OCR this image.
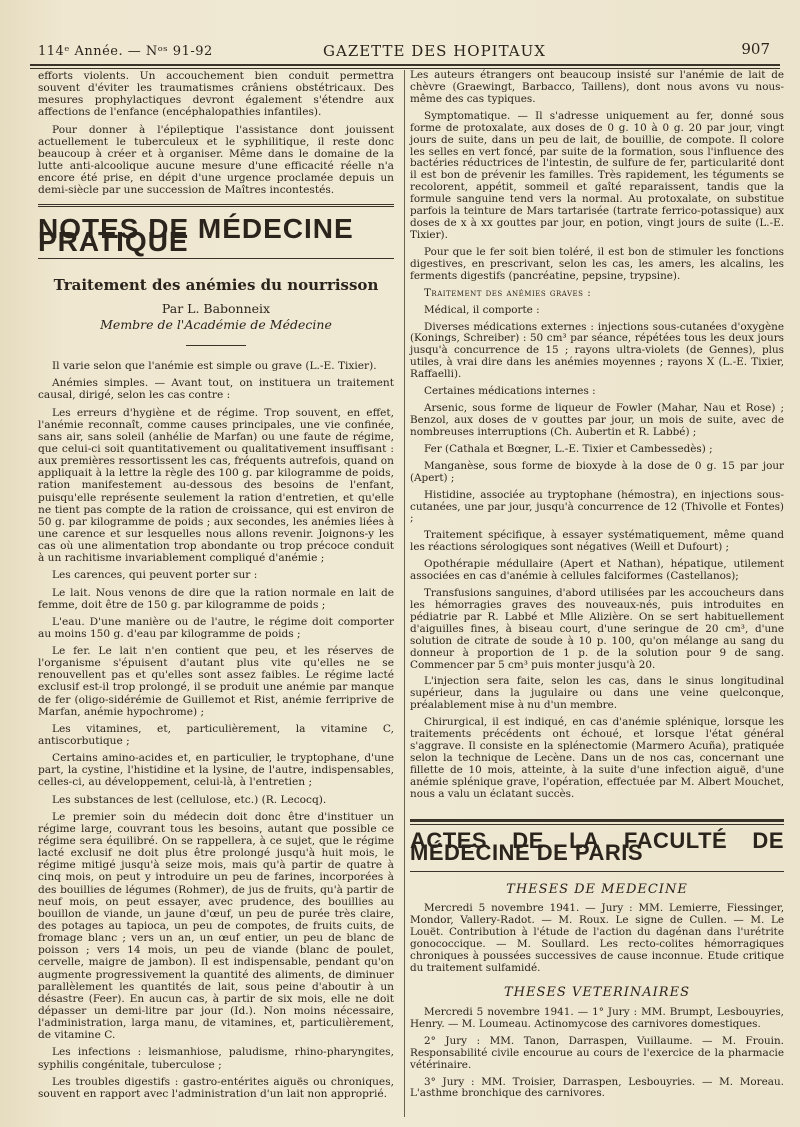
114ᵉ Année. — Nᵒˢ 91-92	GAZETTE DES HOPITAUX	907

efforts violents. Un accouchement bien conduit permettra souvent d'éviter les traumatismes crâniens obstétricaux. Des mesures prophylactiques devront également s'étendre aux affections de l'enfance (encéphalopathies infantiles).

Pour donner à l'épileptique l'assistance dont jouissent actuellement le tuberculeux et le syphilitique, il reste donc beaucoup à créer et à organiser. Même dans le domaine de la lutte anti-alcoolique aucune mesure d'une efficacité réelle n'a encore été prise, en dépit d'une urgence proclamée depuis un demi-siècle par une succession de Maîtres incontestés.

NOTES DE MÉDECINE PRATIQUE
Traitement des anémies du nourrisson
Par L. Babonneix
Membre de l'Académie de Médecine

Il varie selon que l'anémie est simple ou grave (L.-E. Tixier).

Anémies simples. — Avant tout, on instituera un traitement causal, dirigé, selon les cas contre :

Les erreurs d'hygiène et de régime. Trop souvent, en effet, l'anémie reconnaît, comme causes principales, une vie confinée, sans air, sans soleil (anhélie de Marfan) ou une faute de régime, que celui-ci soit quantitativement ou qualitativement insuffisant : aux premières ressortissent les cas, fréquents autrefois, quand on appliquait à la lettre la règle des 100 g. par kilogramme de poids, ration manifestement au-dessous des besoins de l'enfant, puisqu'elle représente seulement la ration d'entretien, et qu'elle ne tient pas compte de la ration de croissance, qui est environ de 50 g. par kilogramme de poids ; aux secondes, les anémies liées à une carence et sur lesquelles nous allons revenir. Joignons-y les cas où une alimentation trop abondante ou trop précoce conduit à un rachitisme invariablement compliqué d'anémie ;

Les carences, qui peuvent porter sur :

Le lait. Nous venons de dire que la ration normale en lait de femme, doit être de 150 g. par kilogramme de poids ;

L'eau. D'une manière ou de l'autre, le régime doit comporter au moins 150 g. d'eau par kilogramme de poids ;

Le fer. Le lait n'en contient que peu, et les réserves de l'organisme s'épuisent d'autant plus vite qu'elles ne se renouvellent pas et qu'elles sont assez faibles. Le régime lacté exclusif est-il trop prolongé, il se produit une anémie par manque de fer (oligo-sidérémie de Guillemot et Rist, anémie ferriprive de Marfan, anémie hypochrome) ;

Les vitamines, et, particulièrement, la vitamine C, antiscorbutique ;

Certains amino-acides et, en particulier, le tryptophane, d'une part, la cystine, l'histidine et la lysine, de l'autre, indispensables, celles-ci, au développement, celui-là, à l'entretien ;

Les substances de lest (cellulose, etc.) (R. Lecocq).

Le premier soin du médecin doit donc être d'instituer un régime large, couvrant tous les besoins, autant que possible ce régime sera équilibré. On se rappellera, à ce sujet, que le régime lacté exclusif ne doit plus être prolongé jusqu'à huit mois, le régime mitigé jusqu'à seize mois, mais qu'à partir de quatre à cinq mois, on peut y introduire un peu de farines, incorporées à des bouillies de légumes (Rohmer), de jus de fruits, qu'à partir de neuf mois, on peut essayer, avec prudence, des bouillies au bouillon de viande, un jaune d'œuf, un peu de purée très claire, des potages au tapioca, un peu de compotes, de fruits cuits, de fromage blanc ; vers un an, un œuf entier, un peu de blanc de poisson ; vers 14 mois, un peu de viande (blanc de poulet, cervelle, maigre de jambon). Il est indispensable, pendant qu'on augmente progressivement la quantité des aliments, de diminuer parallèlement les quantités de lait, sous peine d'aboutir à un désastre (Feer). En aucun cas, à partir de six mois, elle ne doit dépasser un demi-litre par jour (Id.). Non moins nécessaire, l'administration, larga manu, de vitamines, et, particulièrement, de vitamine C.

Les infections : leismanhiose, paludisme, rhino-pharyngites, syphilis congénitale, tuberculose ;

Les troubles digestifs : gastro-entérites aiguës ou chroniques, souvent en rapport avec l'administration d'un lait non approprié.

Les auteurs étrangers ont beaucoup insisté sur l'anémie de lait de chèvre (Graewingt, Barbacco, Taillens), dont nous avons vu nous-même des cas typiques.

Symptomatique. — Il s'adresse uniquement au fer, donné sous forme de protoxalate, aux doses de 0 g. 10 à 0 g. 20 par jour, vingt jours de suite, dans un peu de lait, de bouillie, de compote. Il colore les selles en vert foncé, par suite de la formation, sous l'influence des bactéries réductrices de l'intestin, de sulfure de fer, particularité dont il est bon de prévenir les familles. Très rapidement, les téguments se recolorent, appétit, sommeil et gaîté reparaissent, tandis que la formule sanguine tend vers la normal. Au protoxalate, on substitue parfois la teinture de Mars tartarisée (tartrate ferrico-potassique) aux doses de x à xx gouttes par jour, en potion, vingt jours de suite (L.-E. Tixier).

Pour que le fer soit bien toléré, il est bon de stimuler les fonctions digestives, en prescrivant, selon les cas, les amers, les alcalins, les ferments digestifs (pancréatine, pepsine, trypsine).

Traitement des anémies graves :

Médical, il comporte :

Diverses médications externes : injections sous-cutanées d'oxygène (Konings, Schreiber) : 50 cm³ par séance, répétées tous les deux jours jusqu'à concurrence de 15 ; rayons ultra-violets (de Gennes), plus utiles, à vrai dire dans les anémies moyennes ; rayons X (L.-E. Tixier, Raffaelli).

Certaines médications internes :

Arsenic, sous forme de liqueur de Fowler (Mahar, Nau et Rose) ; Benzol, aux doses de v gouttes par jour, un mois de suite, avec de nombreuses interruptions (Ch. Aubertin et R. Labbé) ;

Fer (Cathala et Bœgner, L.-E. Tixier et Cambessedès) ;

Manganèse, sous forme de bioxyde à la dose de 0 g. 15 par jour (Apert) ;

Histidine, associée au tryptophane (hémostra), en injections sous-cutanées, une par jour, jusqu'à concurrence de 12 (Thivolle et Fontes) ;

Traitement spécifique, à essayer systématiquement, même quand les réactions sérologiques sont négatives (Weill et Dufourt) ;

Opothérapie médullaire (Apert et Nathan), hépatique, utilement associées en cas d'anémie à cellules falciformes (Castellanos);

Transfusions sanguines, d'abord utilisées par les accoucheurs dans les hémorragies graves des nouveaux-nés, puis introduites en pédiatrie par R. Labbé et Mlle Alizière. On se sert habituellement d'aiguilles fines, à biseau court, d'une seringue de 20 cm³, d'une solution de citrate de soude à 10 p. 100, qu'on mélange au sang du donneur à proportion de 1 p. de la solution pour 9 de sang. Commencer par 5 cm³ puis monter jusqu'à 20.

L'injection sera faite, selon les cas, dans le sinus longitudinal supérieur, dans la jugulaire ou dans une veine quelconque, préalablement mise à nu d'un membre.

Chirurgical, il est indiqué, en cas d'anémie splénique, lorsque les traitements précédents ont échoué, et lorsque l'état général s'aggrave. Il consiste en la splénectomie (Marmero Acuña), pratiquée selon la technique de Lecène. Dans un de nos cas, concernant une fillette de 10 mois, atteinte, à la suite d'une infection aiguë, d'une anémie splénique grave, l'opération, effectuée par M. Albert Mouchet, nous a valu un éclatant succès.

ACTES DE LA FACULTÉ DE MÉDECINE DE PARIS
THESES DE MEDECINE

Mercredi 5 novembre 1941. — Jury : MM. Lemierre, Fiessinger, Mondor, Vallery-Radot. — M. Roux. Le signe de Cullen. — M. Le Louët. Contribution à l'étude de l'action du dagénan dans l'urétrite gonococcique. — M. Soullard. Les recto-colites hémorragiques chroniques à poussées successives de cause inconnue. Etude critique du traitement sulfamidé.

THESES VETERINAIRES

Mercredi 5 novembre 1941. — 1° Jury : MM. Brumpt, Lesbouyries, Henry. — M. Loumeau. Actinomycose des carnivores domestiques.

2° Jury : MM. Tanon, Darraspen, Vuillaume. — M. Frouin. Responsabilité civile encourue au cours de l'exercice de la pharmacie vétérinaire.

3° Jury : MM. Troisier, Darraspen, Lesbouyries. — M. Moreau. L'asthme bronchique des carnivores.
